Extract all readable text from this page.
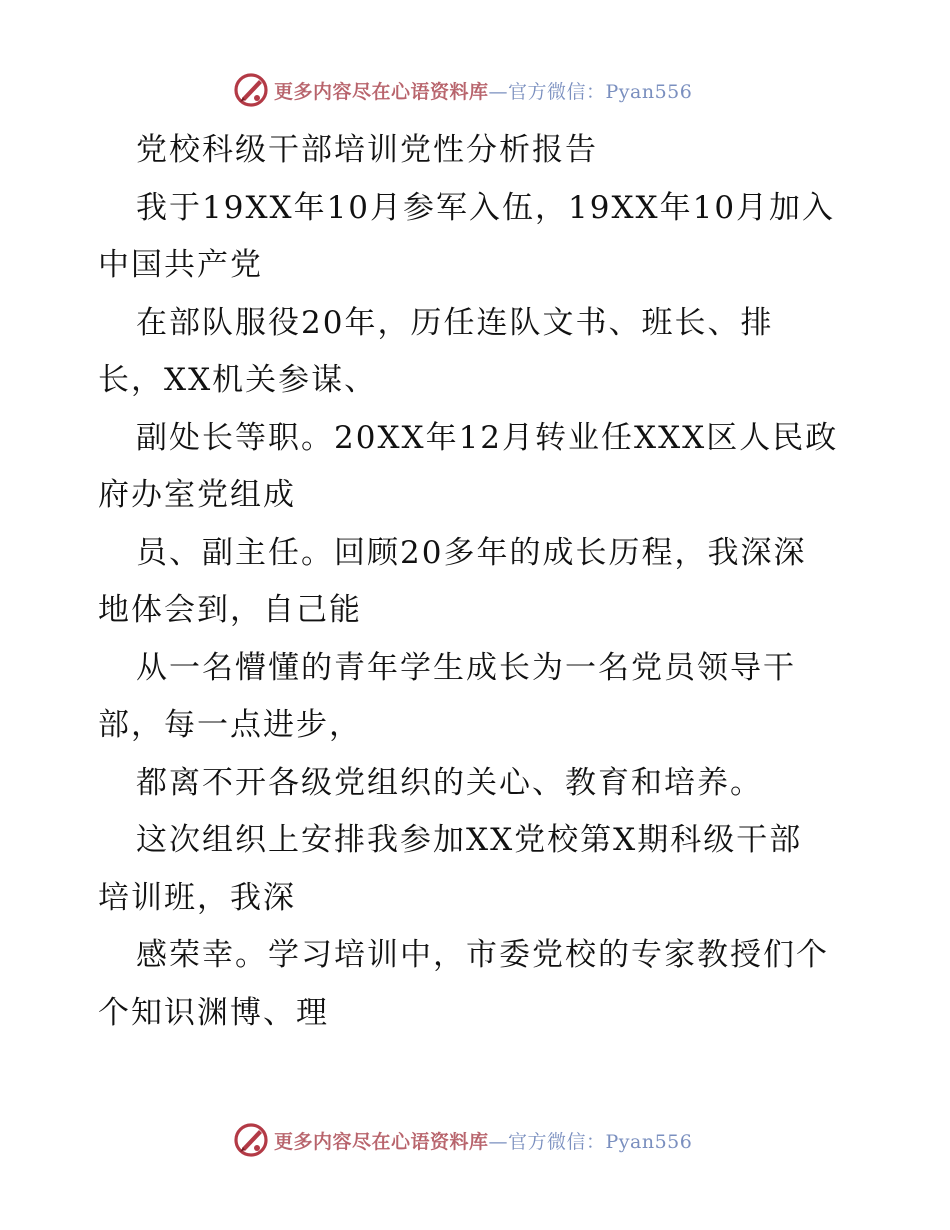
更多内容尽在心语资料库 —官方微信：Pyan556
党校科级干部培训党性分析报告
我于19XX年10月参军入伍，19XX年10月加入
中国共产党
在部队服役20年，历任连队文书、班长、排
长，XX机关参谋、
副处长等职。20XX年12月转业任XXX区人民政
府办室党组成
员、副主任。回顾20多年的成长历程，我深深
地体会到，自己能
从一名懵懂的青年学生成长为一名党员领导干
部，每一点进步，
都离不开各级党组织的关心、教育和培养。
这次组织上安排我参加XX党校第X期科级干部
培训班，我深
感荣幸。学习培训中，市委党校的专家教授们个
个知识渊博、理
更多内容尽在心语资料库 —官方微信：Pyan556
